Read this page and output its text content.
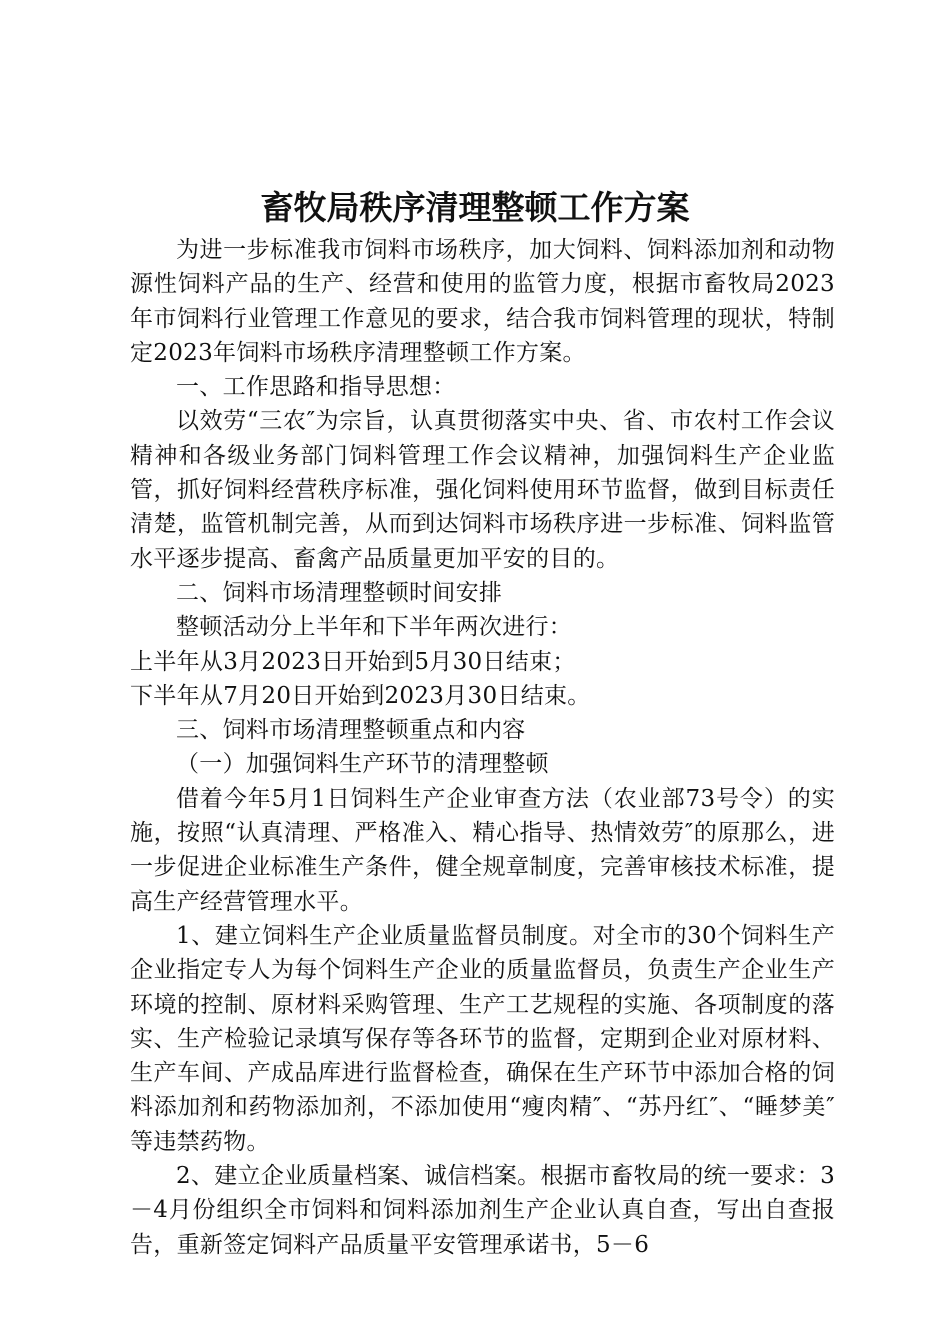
畜牧局秩序清理整顿工作方案

为进一步标准我市饲料市场秩序，加大饲料、饲料添加剂和动物源性饲料产品的生产、经营和使用的监管力度，根据市畜牧局2023年市饲料行业管理工作意见的要求，结合我市饲料管理的现状，特制定2023年饲料市场秩序清理整顿工作方案。

一、工作思路和指导思想：

以效劳“三农″为宗旨，认真贯彻落实中央、省、市农村工作会议精神和各级业务部门饲料管理工作会议精神，加强饲料生产企业监管，抓好饲料经营秩序标准，强化饲料使用环节监督，做到目标责任清楚，监管机制完善，从而到达饲料市场秩序进一步标准、饲料监管水平逐步提高、畜禽产品质量更加平安的目的。

二、饲料市场清理整顿时间安排

整顿活动分上半年和下半年两次进行：

上半年从3月2023日开始到5月30日结束；

下半年从7月20日开始到2023月30日结束。

三、饲料市场清理整顿重点和内容

（一）加强饲料生产环节的清理整顿

借着今年5月1日饲料生产企业审查方法（农业部73号令）的实施，按照“认真清理、严格准入、精心指导、热情效劳″的原那么，进一步促进企业标准生产条件，健全规章制度，完善审核技术标准，提高生产经营管理水平。

1、建立饲料生产企业质量监督员制度。对全市的30个饲料生产企业指定专人为每个饲料生产企业的质量监督员，负责生产企业生产环境的控制、原材料采购管理、生产工艺规程的实施、各项制度的落实、生产检验记录填写保存等各环节的监督，定期到企业对原材料、生产车间、产成品库进行监督检查，确保在生产环节中添加合格的饲料添加剂和药物添加剂，不添加使用“瘦肉精″、“苏丹红″、“睡梦美″等违禁药物。

2、建立企业质量档案、诚信档案。根据市畜牧局的统一要求：3－4月份组织全市饲料和饲料添加剂生产企业认真自查，写出自查报告，重新签定饲料产品质量平安管理承诺书，5－6
